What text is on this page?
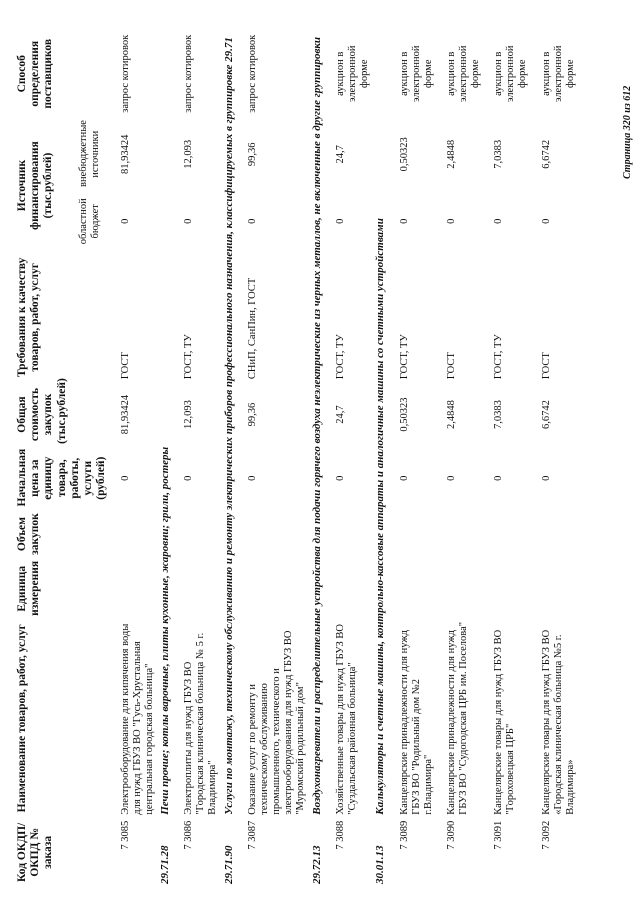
Код ОКДП/ ОКПД № заказа	Наименование товаров, работ, услуг	Единица измерения	Объем закупок	Начальная цена за единицу товара, работы, услуги (рублей)	Общая стоимость закупок (тыс.рублей)	Требования к качеству товаров, работ, услуг	Источник финансирования (тыс.рублей)		Способ определения поставщиков
							областной бюджет	внебюджетные источники	
7 3085	Электрооборудование для кипячения воды для нужд ГБУЗ ВО "Гусь-Хрустальная центральная городская больница"			0	81,93424	ГОСТ	0	81,93424	запрос котировок
29.71.28	Печи прочие; котлы варочные, плиты кухонные, жаровни; грили, ростеры								
7 3086	Электроплиты для нужд ГБУЗ ВО "Городская клиническая больница № 5 г. Владимира"			0	12,093	ГОСТ, ТУ	0	12,093	запрос котировок
29.71.90	Услуги по монтажу, техническому обслуживанию и ремонту электрических приборов профессионального назначения, классифицируемых в группировке 29.71								
7 3087	Оказание услуг по ремонту и техническому обслуживанию промышленного, технического и электрооборудования для нужд ГБУЗ ВО "Муромский родильный дом"			0	99,36	СНиП, СанПин, ГОСТ	0	99,36	запрос котировок
29.72.13	Воздухонагреватели и распределительные устройства для подачи горячего воздуха неэлектрические из черных металлов, не включенные в другие группировки								
7 3088	Хозяйственные товары для нужд ГБУЗ ВО "Суздальская районная больница"			0	24,7	ГОСТ, ТУ	0	24,7	аукцион в электронной форме
30.01.13	Калькуляторы и счетные машины, контрольно-кассовые аппараты и аналогичные машины со счетными устройствами								
7 3089	Канцелярские принадлежности для нужд ГБУЗ ВО "Родильный дом №2 г.Владимира"			0	0,50323	ГОСТ, ТУ	0	0,50323	аукцион в электронной форме
7 3090	Канцелярские принадлежности для нужд ГБУЗ ВО "Судогодская ЦРБ им. Поселова"			0	2,4848	ГОСТ	0	2,4848	аукцион в электронной форме
7 3091	Канцелярские товары для нужд ГБУЗ ВО "Гороховецкая ЦРБ"			0	7,0383	ГОСТ, ТУ	0	7,0383	аукцион в электронной форме
7 3092	Канцелярские товары для нужд ГБУЗ ВО «Городская клиническая больница №5 г. Владимира»			0	6,6742	ГОСТ	0	6,6742	аукцион в электронной форме
Страница 320 из 612
